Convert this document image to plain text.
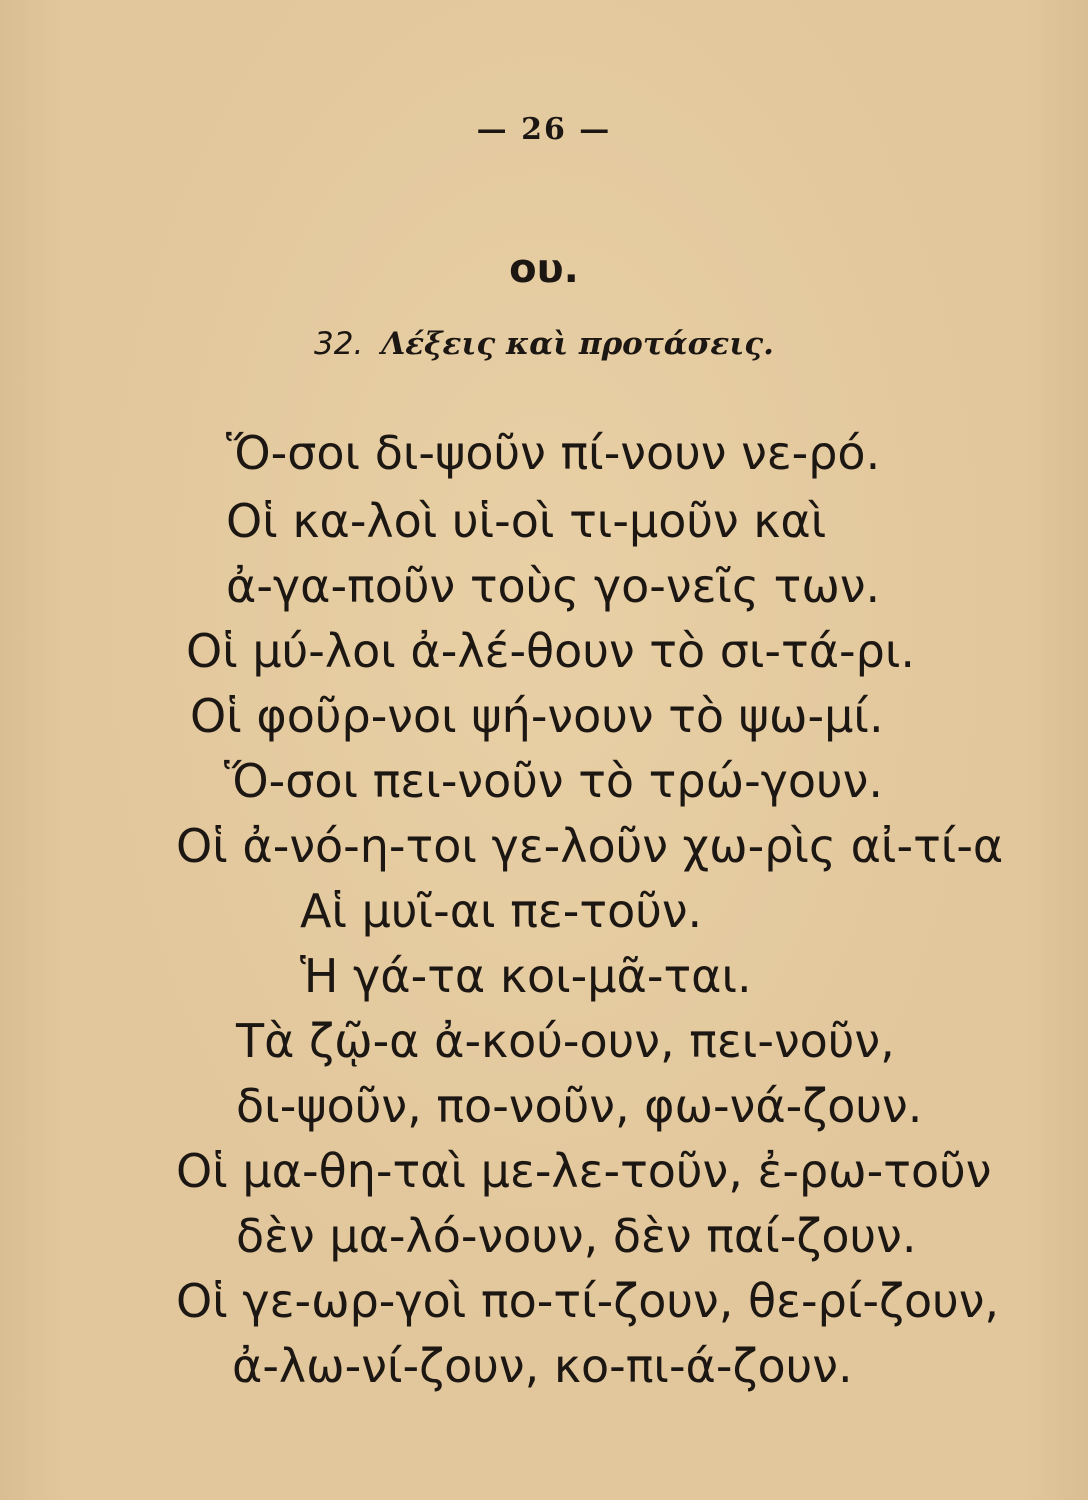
— 26 —
ου.
32. Λέξεις καὶ προτάσεις.
Ὅ-σοι δι-ψοῦν πί-νουν νε-ρό.
Οἱ κα-λοὶ υἱ-οὶ τι-μοῦν καὶ
ἀ-γα-ποῦν τοὺς γο-νεῖς των.
Οἱ μύ-λοι ἀ-λέ-θουν τὸ σι-τά-ρι.
Οἱ φοῦρ-νοι ψή-νουν τὸ ψω-μί.
Ὅ-σοι πει-νοῦν τὸ τρώ-γουν.
Οἱ ἀ-νό-η-τοι γε-λοῦν χω-ρὶς αἰ-τί-α
Αἱ μυῖ-αι πε-τοῦν.
Ἡ γά-τα κοι-μᾶ-ται.
Τὰ ζῷ-α ἀ-κού-ουν, πει-νοῦν,
δι-ψοῦν, πο-νοῦν, φω-νά-ζουν.
Οἱ μα-θη-ταὶ με-λε-τοῦν, ἐ-ρω-τοῦν
δὲν μα-λό-νουν, δὲν παί-ζουν.
Οἱ γε-ωρ-γοὶ πο-τί-ζουν, θε-ρί-ζουν,
ἀ-λω-νί-ζουν, κο-πι-ά-ζουν.
